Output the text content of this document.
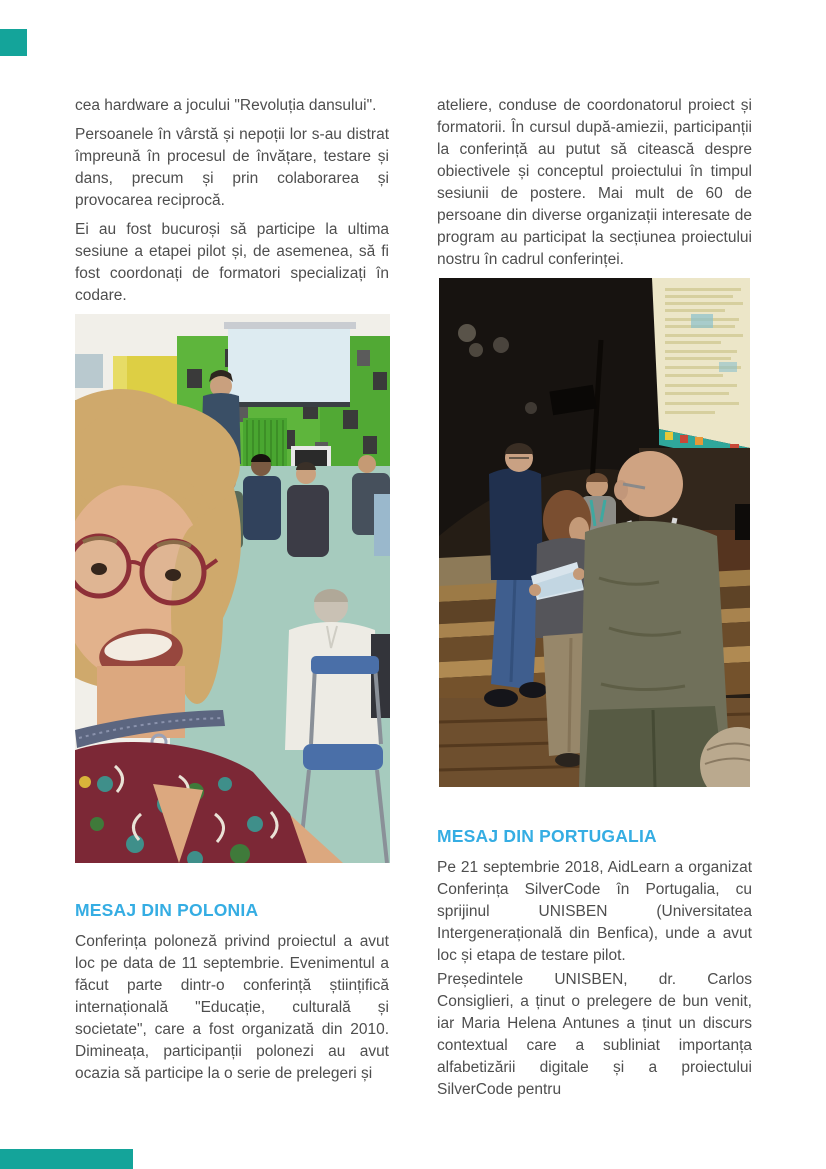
cea hardware a jocului "Revoluția dansului".

Persoanele în vârstă și nepoții lor s-au distrat împreună în procesul de învățare, testare și dans, precum și prin colaborarea și provocarea reciprocă.

Ei au fost bucuroși să participe la ultima sesiune a etapei pilot și, de asemenea, să fi fost coordonați de formatori specializați în codare.

MESAJ DIN POLONIA

Conferința poloneză privind proiectul a avut loc pe data de 11 septembrie. Evenimentul a făcut parte dintr-o conferință științifică internațională "Educație, culturală și societate", care a fost organizată din 2010. Dimineața, participanții polonezi au avut ocazia să participe la o serie de prelegeri și

ateliere, conduse de coordonatorul proiect și formatorii. În cursul după-amiezii, participanții la conferință au putut să citească despre obiectivele și conceptul proiectului în timpul sesiunii de postere. Mai mult de 60 de persoane din diverse organizații interesate de program au participat la secțiunea proiectului nostru în cadrul conferinței.

MESAJ DIN PORTUGALIA

Pe 21 septembrie 2018, AidLearn a organizat Conferința SilverCode în Portugalia, cu sprijinul UNISBEN (Universitatea Intergenerațională din Benfica), unde a avut loc și etapa de testare pilot.

Președintele UNISBEN, dr. Carlos Consiglieri, a ținut o prelegere de bun venit, iar Maria Helena Antunes a ținut un discurs contextual care a subliniat importanța alfabetizării digitale și a proiectului SilverCode pentru
